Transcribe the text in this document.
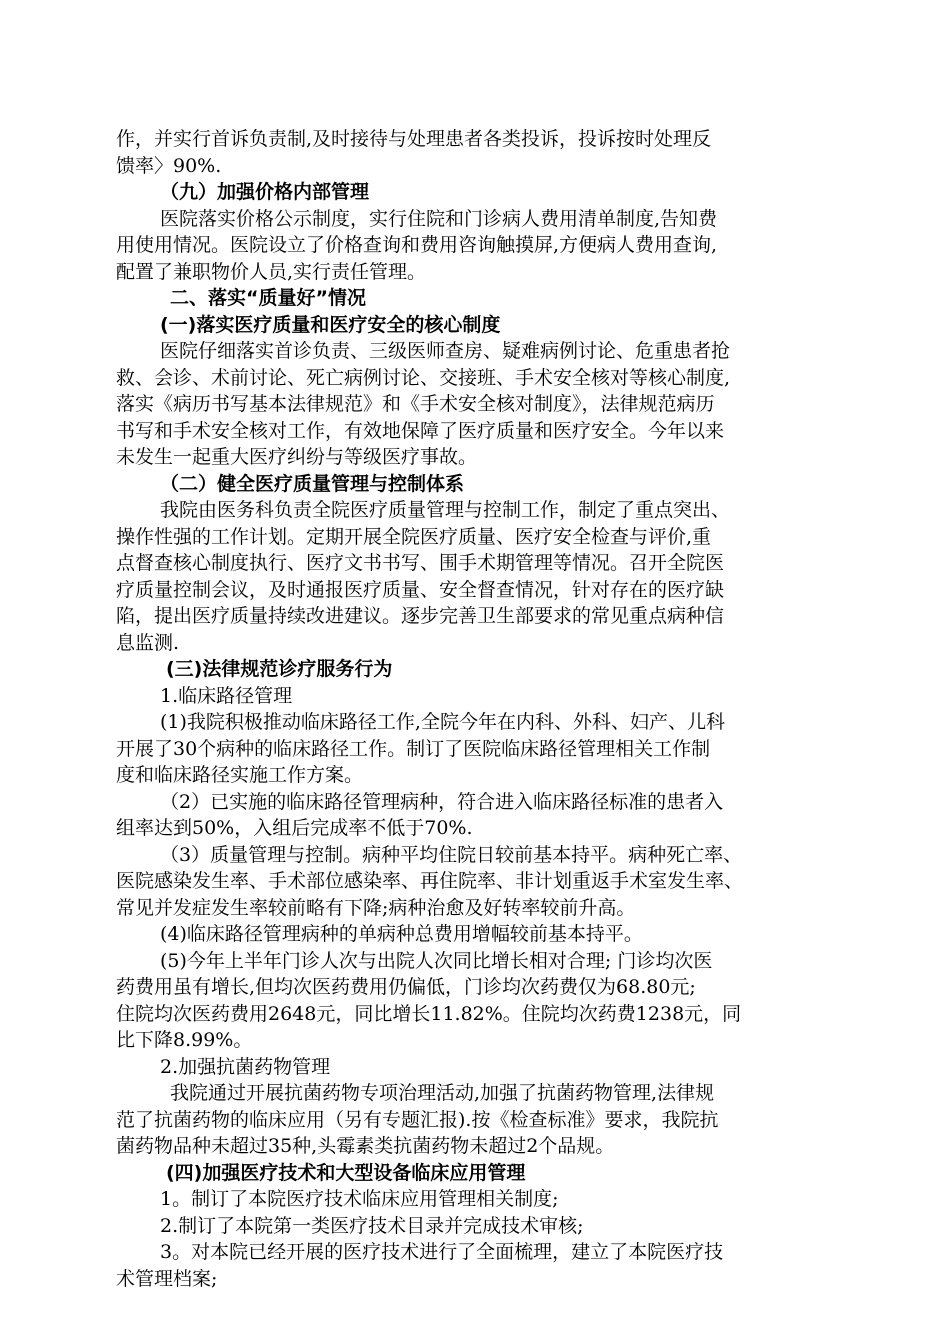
作，并实行首诉负责制,及时接待与处理患者各类投诉，投诉按时处理反
馈率〉90%.
（九）加强价格内部管理
医院落实价格公示制度，实行住院和门诊病人费用清单制度,告知费
用使用情况。医院设立了价格查询和费用咨询触摸屏,方便病人费用查询,
配置了兼职物价人员,实行责任管理。
二、落实“质量好”情况
(一)落实医疗质量和医疗安全的核心制度
医院仔细落实首诊负责、三级医师查房、疑难病例讨论、危重患者抢
救、会诊、术前讨论、死亡病例讨论、交接班、手术安全核对等核心制度,
落实《病历书写基本法律规范》和《手术安全核对制度》，法律规范病历
书写和手术安全核对工作，有效地保障了医疗质量和医疗安全。今年以来
未发生一起重大医疗纠纷与等级医疗事故。
（二）健全医疗质量管理与控制体系
我院由医务科负责全院医疗质量管理与控制工作，制定了重点突出、
操作性强的工作计划。定期开展全院医疗质量、医疗安全检查与评价,重
点督查核心制度执行、医疗文书书写、围手术期管理等情况。召开全院医
疗质量控制会议，及时通报医疗质量、安全督查情况，针对存在的医疗缺
陷，提出医疗质量持续改进建议。逐步完善卫生部要求的常见重点病种信
息监测.
(三)法律规范诊疗服务行为
1.临床路径管理
(1)我院积极推动临床路径工作,全院今年在内科、外科、妇产、儿科
开展了30个病种的临床路径工作。制订了医院临床路径管理相关工作制
度和临床路径实施工作方案。
（2）已实施的临床路径管理病种，符合进入临床路径标准的患者入
组率达到50%，入组后完成率不低于70%.
（3）质量管理与控制。病种平均住院日较前基本持平。病种死亡率、
医院感染发生率、手术部位感染率、再住院率、非计划重返手术室发生率、
常见并发症发生率较前略有下降;病种治愈及好转率较前升高。
(4)临床路径管理病种的单病种总费用增幅较前基本持平。
(5)今年上半年门诊人次与出院人次同比增长相对合理; 门诊均次医
药费用虽有增长,但均次医药费用仍偏低，门诊均次药费仅为68.80元;
住院均次医药费用2648元，同比增长11.82%。住院均次药费1238元，同
比下降8.99%。
2.加强抗菌药物管理
我院通过开展抗菌药物专项治理活动,加强了抗菌药物管理,法律规
范了抗菌药物的临床应用（另有专题汇报).按《检查标准》要求，我院抗
菌药物品种未超过35种,头霉素类抗菌药物未超过2个品规。
(四)加强医疗技术和大型设备临床应用管理
1。制订了本院医疗技术临床应用管理相关制度;
2.制订了本院第一类医疗技术目录并完成技术审核;
3。对本院已经开展的医疗技术进行了全面梳理，建立了本院医疗技
术管理档案;
